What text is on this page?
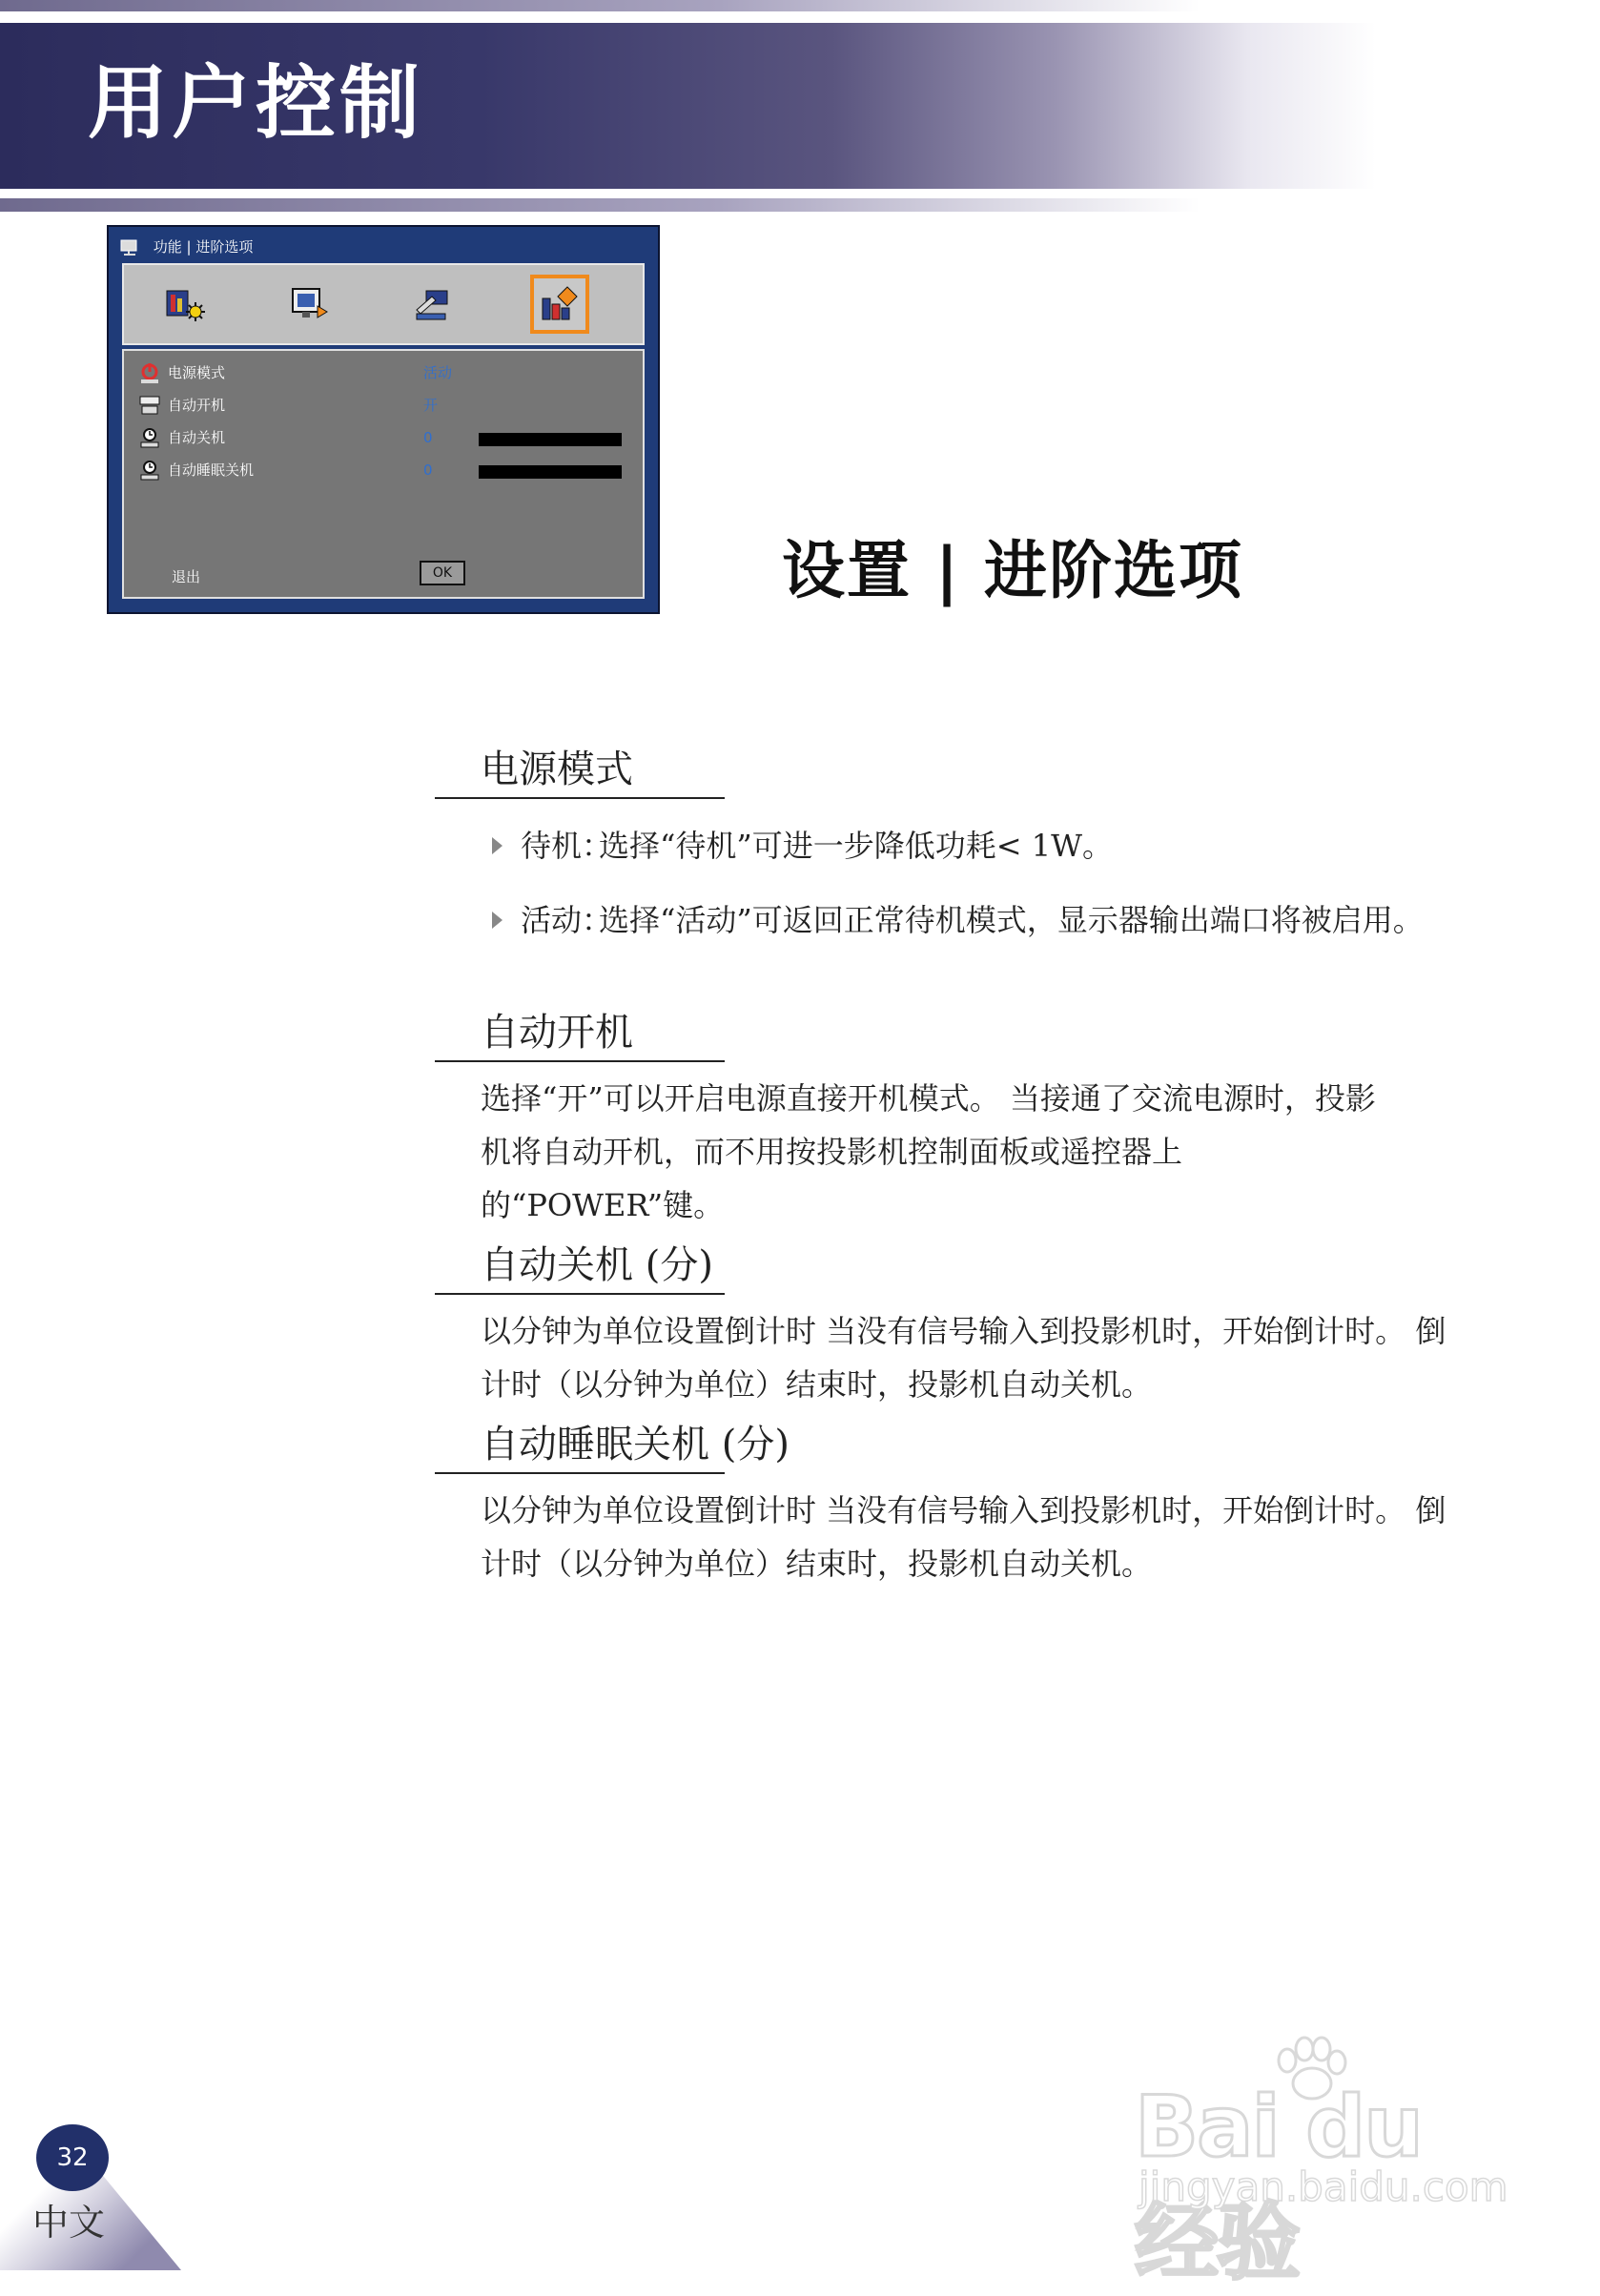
用户控制
功能 | 进阶选项
电源模式	活动
自动开机	开
自动关机	0
自动睡眠关机	0
退出	OK	设置 | 进阶选项
电源模式
待机：
选择“待机”可进一步降低功耗< 1W。
活动：
选择“活动”可返回正常待机模式，显示器输出端口将被启用。
自动开机
选择“开”可以开启电源直接开机模式。 当接通了交流电源时，投影机将自动开机，而不用按投影机控制面板或遥控器上的“POWER”键。
自动关机 (分)
以分钟为单位设置倒计时 当没有信号输入到投影机时，开始倒计时。 倒计时（以分钟为单位）结束时，投影机自动关机。
自动睡眠关机 (分)
以分钟为单位设置倒计时 当没有信号输入到投影机时，开始倒计时。 倒计时（以分钟为单位）结束时，投影机自动关机。
32
中文
Bai du 经验
jingyan.baidu.com
